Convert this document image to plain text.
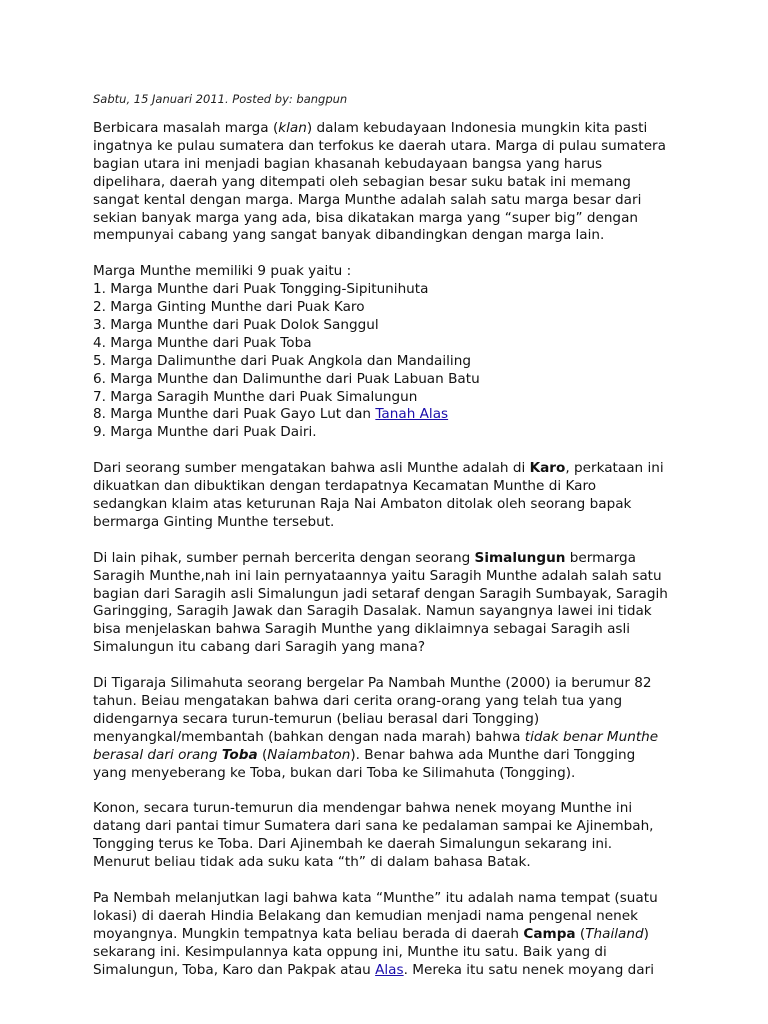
Sabtu, 15 Januari 2011. Posted by: bangpun

Berbicara masalah marga (klan) dalam kebudayaan Indonesia mungkin kita pasti
ingatnya ke pulau sumatera dan terfokus ke daerah utara. Marga di pulau sumatera
bagian utara ini menjadi bagian khasanah kebudayaan bangsa yang harus
dipelihara, daerah yang ditempati oleh sebagian besar suku batak ini memang
sangat kental dengan marga. Marga Munthe adalah salah satu marga besar dari
sekian banyak marga yang ada, bisa dikatakan marga yang “super big” dengan
mempunyai cabang yang sangat banyak dibandingkan dengan marga lain.

Marga Munthe memiliki 9 puak yaitu :
1. Marga Munthe dari Puak Tongging-Sipitunihuta
2. Marga Ginting Munthe dari Puak Karo
3. Marga Munthe dari Puak Dolok Sanggul
4. Marga Munthe dari Puak Toba
5. Marga Dalimunthe dari Puak Angkola dan Mandailing
6. Marga Munthe dan Dalimunthe dari Puak Labuan Batu
7. Marga Saragih Munthe dari Puak Simalungun
8. Marga Munthe dari Puak Gayo Lut dan Tanah Alas
9. Marga Munthe dari Puak Dairi.

Dari seorang sumber mengatakan bahwa asli Munthe adalah di Karo, perkataan ini
dikuatkan dan dibuktikan dengan terdapatnya Kecamatan Munthe di Karo
sedangkan klaim atas keturunan Raja Nai Ambaton ditolak oleh seorang bapak
bermarga Ginting Munthe tersebut.

Di lain pihak, sumber pernah bercerita dengan seorang Simalungun bermarga
Saragih Munthe,nah ini lain pernyataannya yaitu Saragih Munthe adalah salah satu
bagian dari Saragih asli Simalungun jadi setaraf dengan Saragih Sumbayak, Saragih
Garingging, Saragih Jawak dan Saragih Dasalak. Namun sayangnya lawei ini tidak
bisa menjelaskan bahwa Saragih Munthe yang diklaimnya sebagai Saragih asli
Simalungun itu cabang dari Saragih yang mana?

Di Tigaraja Silimahuta seorang bergelar Pa Nambah Munthe (2000) ia berumur 82
tahun. Beiau mengatakan bahwa dari cerita orang-orang yang telah tua yang
didengarnya secara turun-temurun (beliau berasal dari Tongging)
menyangkal/membantah (bahkan dengan nada marah) bahwa tidak benar Munthe
berasal dari orang Toba (Naiambaton). Benar bahwa ada Munthe dari Tongging
yang menyeberang ke Toba, bukan dari Toba ke Silimahuta (Tongging).

Konon, secara turun-temurun dia mendengar bahwa nenek moyang Munthe ini
datang dari pantai timur Sumatera dari sana ke pedalaman sampai ke Ajinembah,
Tongging terus ke Toba. Dari Ajinembah ke daerah Simalungun sekarang ini.
Menurut beliau tidak ada suku kata “th” di dalam bahasa Batak.

Pa Nembah melanjutkan lagi bahwa kata “Munthe” itu adalah nama tempat (suatu
lokasi) di daerah Hindia Belakang dan kemudian menjadi nama pengenal nenek
moyangnya. Mungkin tempatnya kata beliau berada di daerah Campa (Thailand)
sekarang ini. Kesimpulannya kata oppung ini, Munthe itu satu. Baik yang di
Simalungun, Toba, Karo dan Pakpak atau Alas. Mereka itu satu nenek moyang dari
